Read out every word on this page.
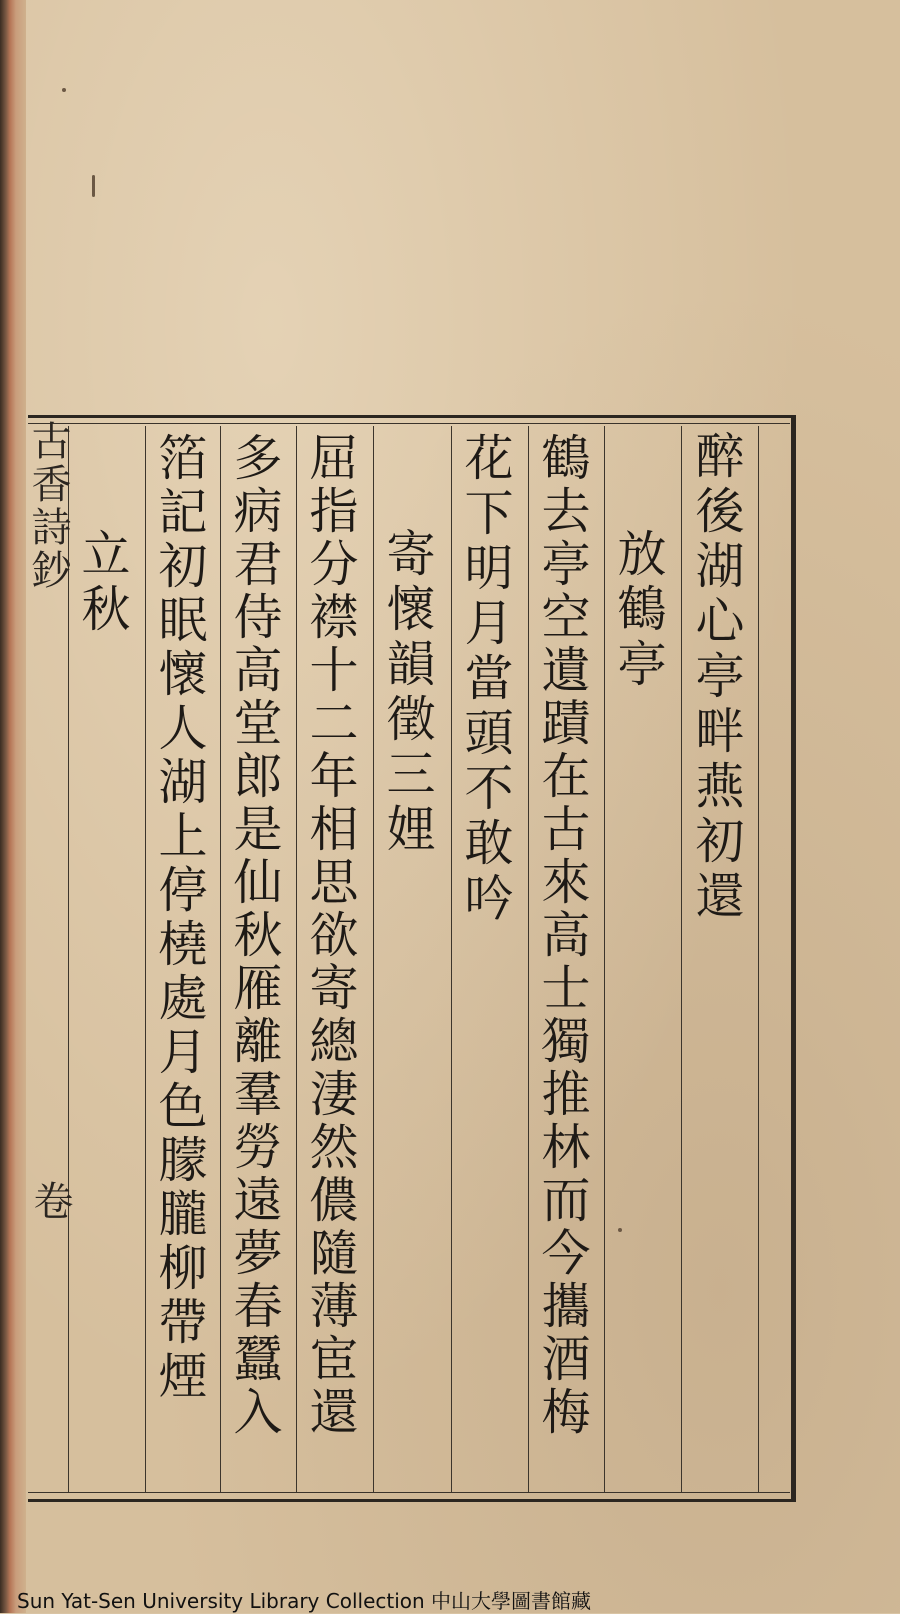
醉後湖心亭畔燕初還
放鶴亭
鶴去亭空遺蹟在古來高士獨推林而今攜酒梅
花下明月當頭不敢吟
寄懷韻徵三娌
屈指分襟十二年相思欲寄總淒然儂隨薄宦還
多病君侍高堂郎是仙秋雁離羣勞遠夢春蠶入
箔記初眠懷人湖上停橈處月色朦朧柳帶煙
立秋
古香詩鈔
卷
Sun Yat-Sen University Library Collection 中山大學圖書館藏
